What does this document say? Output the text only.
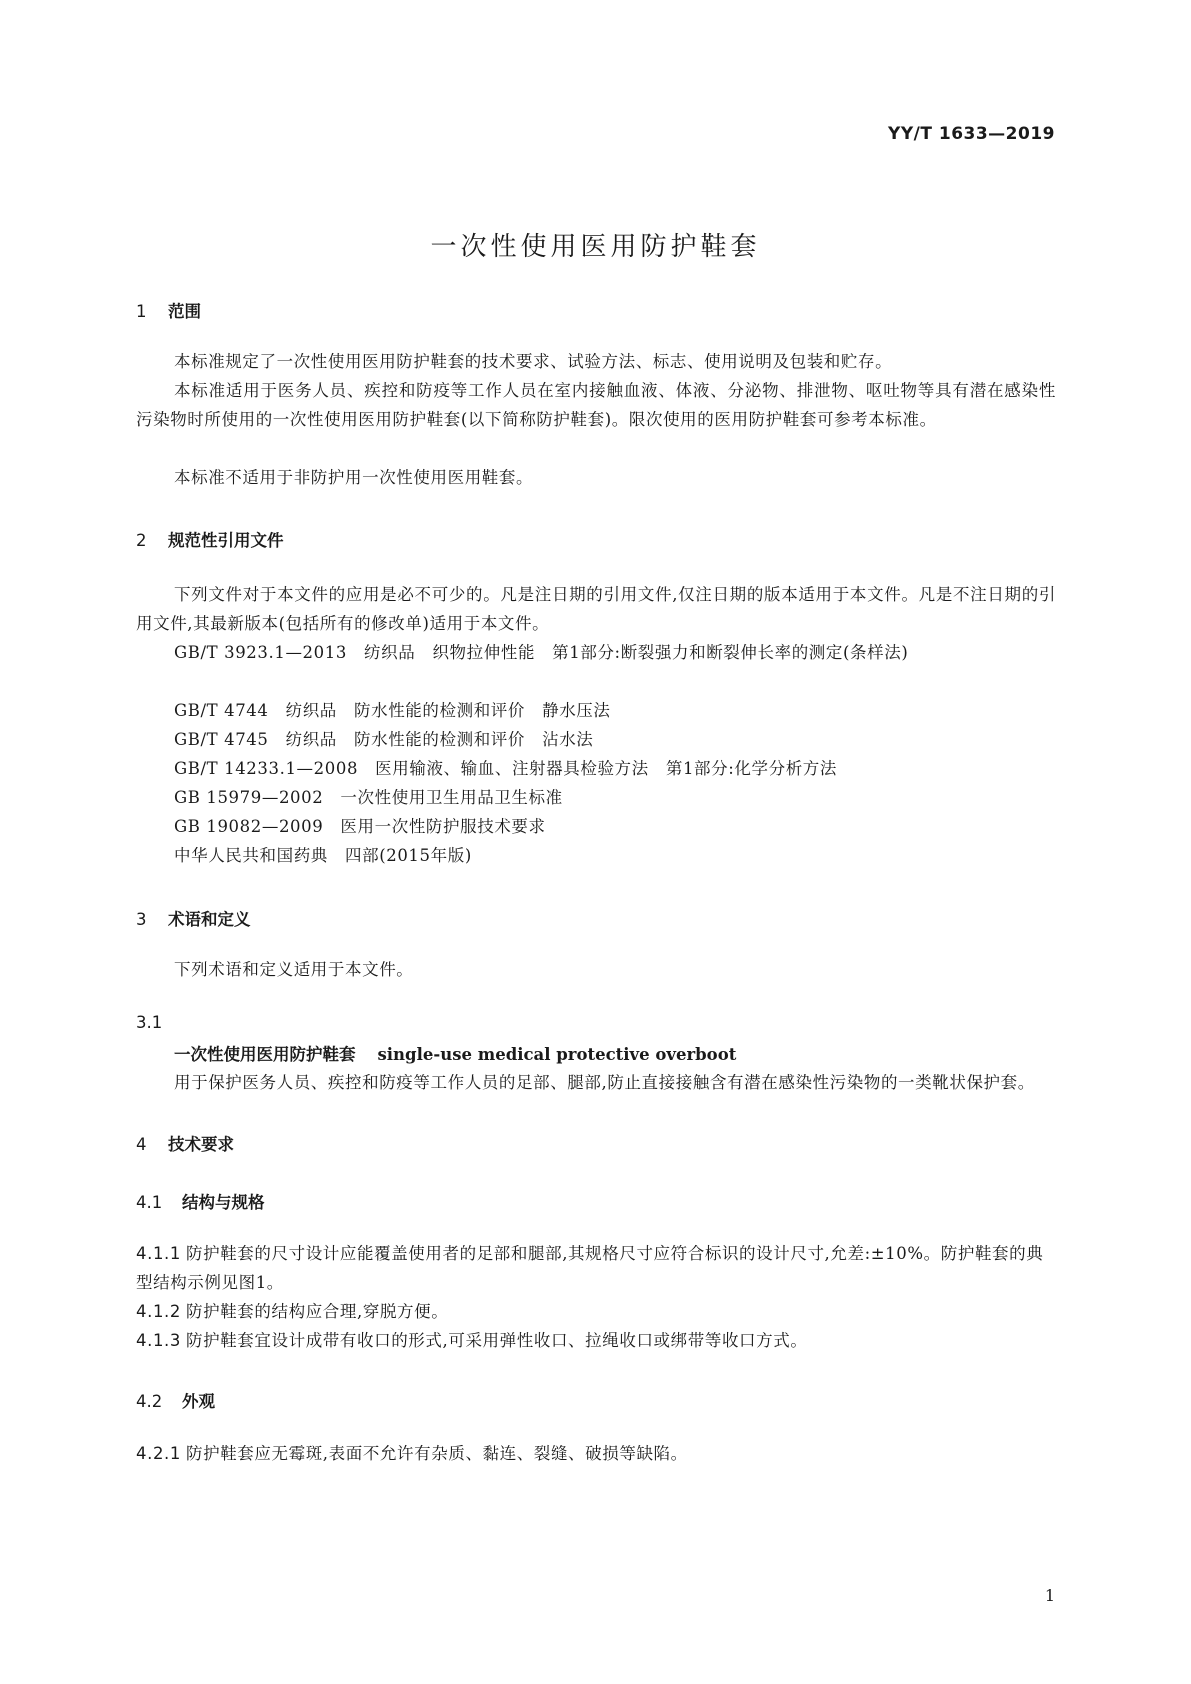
YY/T 1633—2019
一次性使用医用防护鞋套
1 范围
本标准规定了一次性使用医用防护鞋套的技术要求、试验方法、标志、使用说明及包装和贮存。
本标准适用于医务人员、疾控和防疫等工作人员在室内接触血液、体液、分泌物、排泄物、呕吐物等具有潜在感染性污染物时所使用的一次性使用医用防护鞋套(以下简称防护鞋套)。限次使用的医用防护鞋套可参考本标准。
本标准不适用于非防护用一次性使用医用鞋套。
2 规范性引用文件
下列文件对于本文件的应用是必不可少的。凡是注日期的引用文件,仅注日期的版本适用于本文件。凡是不注日期的引用文件,其最新版本(包括所有的修改单)适用于本文件。
GB/T 3923.1—2013　纺织品　织物拉伸性能　第1部分:断裂强力和断裂伸长率的测定(条样法)
GB/T 4744　纺织品　防水性能的检测和评价　静水压法
GB/T 4745　纺织品　防水性能的检测和评价　沾水法
GB/T 14233.1—2008　医用输液、输血、注射器具检验方法　第1部分:化学分析方法
GB 15979—2002　一次性使用卫生用品卫生标准
GB 19082—2009　医用一次性防护服技术要求
中华人民共和国药典　四部(2015年版)
3 术语和定义
下列术语和定义适用于本文件。
3.1
一次性使用医用防护鞋套 single-use medical protective overboot
用于保护医务人员、疾控和防疫等工作人员的足部、腿部,防止直接接触含有潜在感染性污染物的一类靴状保护套。
4 技术要求
4.1 结构与规格
4.1.1 防护鞋套的尺寸设计应能覆盖使用者的足部和腿部,其规格尺寸应符合标识的设计尺寸,允差:±10%。防护鞋套的典型结构示例见图1。
4.1.2 防护鞋套的结构应合理,穿脱方便。
4.1.3 防护鞋套宜设计成带有收口的形式,可采用弹性收口、拉绳收口或绑带等收口方式。
4.2 外观
4.2.1 防护鞋套应无霉斑,表面不允许有杂质、黏连、裂缝、破损等缺陷。
1
